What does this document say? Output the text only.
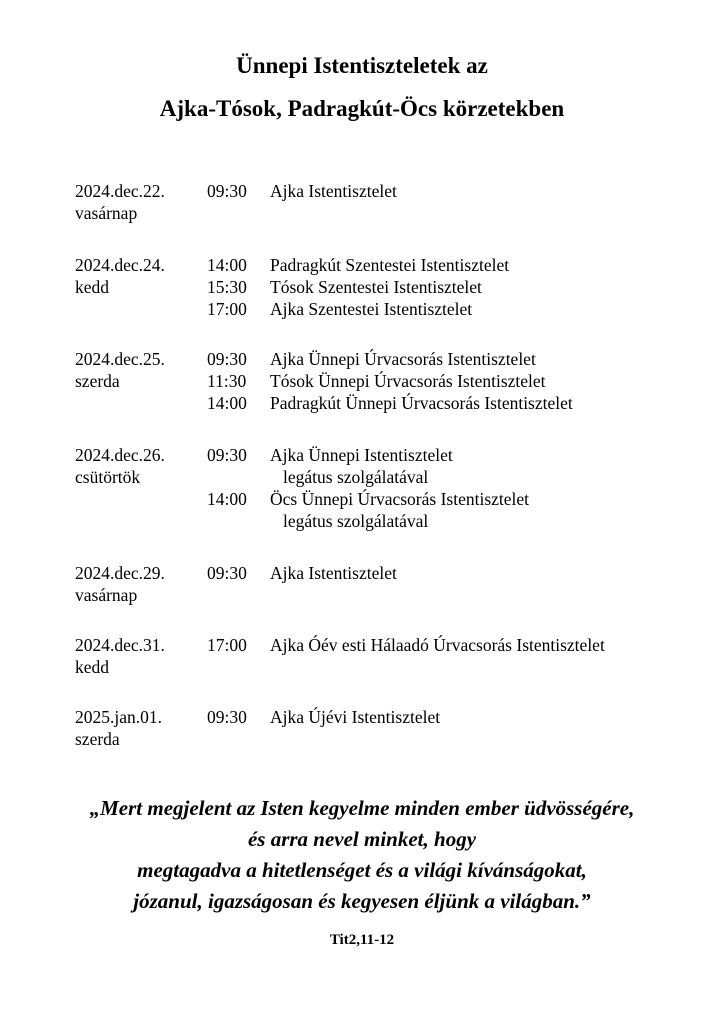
Ünnepi Istentiszteletek az
Ajka-Tósok, Padragkút-Öcs körzetekben
2024.dec.22.
vasárnap
09:30 Ajka Istentisztelet
2024.dec.24.
kedd
14:00 Padragkút Szentestei Istentisztelet
15:30 Tósok Szentestei Istentisztelet
17:00 Ajka Szentestei Istentisztelet
2024.dec.25.
szerda
09:30 Ajka Ünnepi Úrvacsorás Istentisztelet
11:30 Tósok Ünnepi Úrvacsorás Istentisztelet
14:00 Padragkút Ünnepi Úrvacsorás Istentisztelet
2024.dec.26.
csütörtök
09:30 Ajka Ünnepi Istentisztelet
legátus szolgálatával
14:00 Öcs Ünnepi Úrvacsorás Istentisztelet
legátus szolgálatával
2024.dec.29.
vasárnap
09:30 Ajka Istentisztelet
2024.dec.31.
kedd
17:00 Ajka Óév esti Hálaadó Úrvacsorás Istentisztelet
2025.jan.01.
szerda
09:30 Ajka Újévi Istentisztelet
„Mert megjelent az Isten kegyelme minden ember üdvösségére,
és arra nevel minket, hogy
megtagadva a hitetlenséget és a világi kívánságokat,
józanul, igazságosan és kegyesen éljünk a világban.”
Tit2,11-12
